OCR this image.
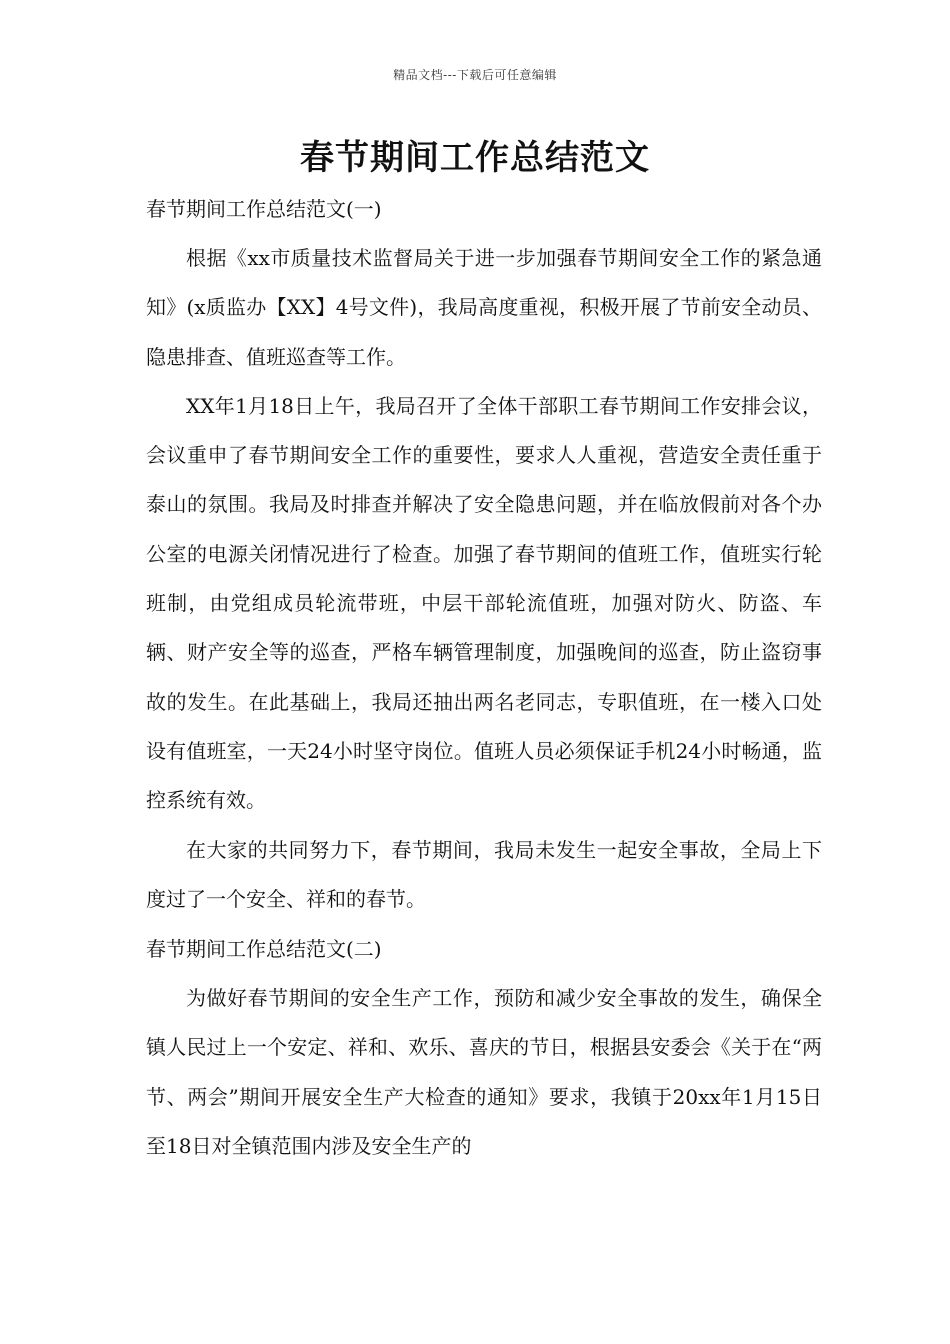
精品文档---下载后可任意编辑
春节期间工作总结范文

春节期间工作总结范文(一)

根据《xx市质量技术监督局关于进一步加强春节期间安全工作的紧急通知》(x质监办【XX】4号文件)，我局高度重视，积极开展了节前安全动员、隐患排查、值班巡查等工作。

XX年1月18日上午，我局召开了全体干部职工春节期间工作安排会议，会议重申了春节期间安全工作的重要性，要求人人重视，营造安全责任重于泰山的氛围。我局及时排查并解决了安全隐患问题，并在临放假前对各个办公室的电源关闭情况进行了检查。加强了春节期间的值班工作，值班实行轮班制，由党组成员轮流带班，中层干部轮流值班，加强对防火、防盗、车辆、财产安全等的巡查，严格车辆管理制度，加强晚间的巡查，防止盗窃事故的发生。在此基础上，我局还抽出两名老同志，专职值班，在一楼入口处设有值班室，一天24小时坚守岗位。值班人员必须保证手机24小时畅通，监控系统有效。

在大家的共同努力下，春节期间，我局未发生一起安全事故，全局上下度过了一个安全、祥和的春节。

春节期间工作总结范文(二)

为做好春节期间的安全生产工作，预防和减少安全事故的发生，确保全镇人民过上一个安定、祥和、欢乐、喜庆的节日，根据县安委会《关于在“两节、两会”期间开展安全生产大检查的通知》要求，我镇于20xx年1月15日至18日对全镇范围内涉及安全生产的
